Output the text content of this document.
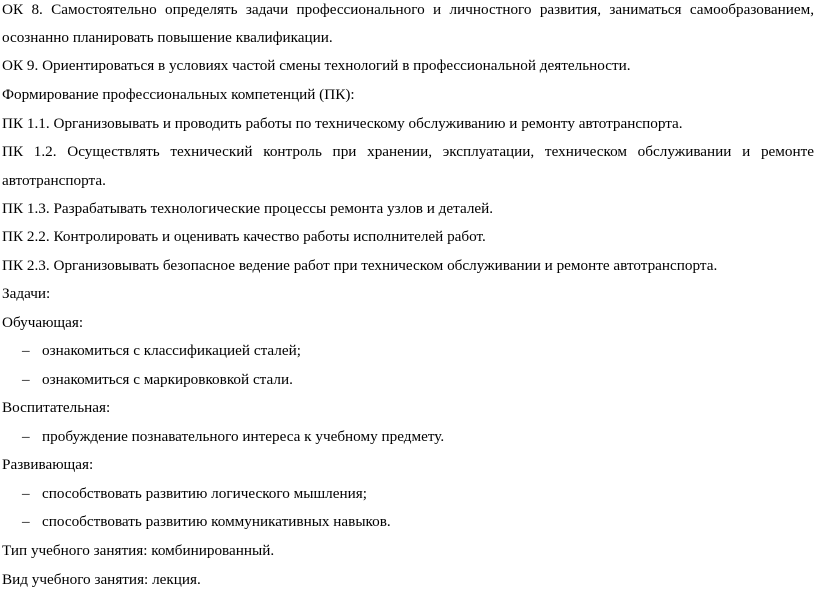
ОК 8. Самостоятельно определять задачи профессионального и личностного развития, заниматься самообразованием,
осознанно планировать повышение квалификации.
ОК 9. Ориентироваться в условиях частой смены технологий в профессиональной деятельности.
Формирование профессиональных компетенций (ПК):
ПК 1.1. Организовывать и проводить работы по техническому обслуживанию и ремонту автотранспорта.
ПК 1.2. Осуществлять технический контроль при хранении, эксплуатации, техническом обслуживании и ремонте
автотранспорта.
ПК 1.3. Разрабатывать технологические процессы ремонта узлов и деталей.
ПК 2.2. Контролировать и оценивать качество работы исполнителей работ.
ПК 2.3. Организовывать безопасное ведение работ при техническом обслуживании и ремонте автотранспорта.
Задачи:
Обучающая:
– ознакомиться с классификацией сталей;
– ознакомиться с маркировковкой стали.
Воспитательная:
– пробуждение познавательного интереса к учебному предмету.
Развивающая:
– способствовать развитию логического мышления;
– способствовать развитию коммуникативных навыков.
Тип учебного занятия: комбинированный.
Вид учебного занятия: лекция.
